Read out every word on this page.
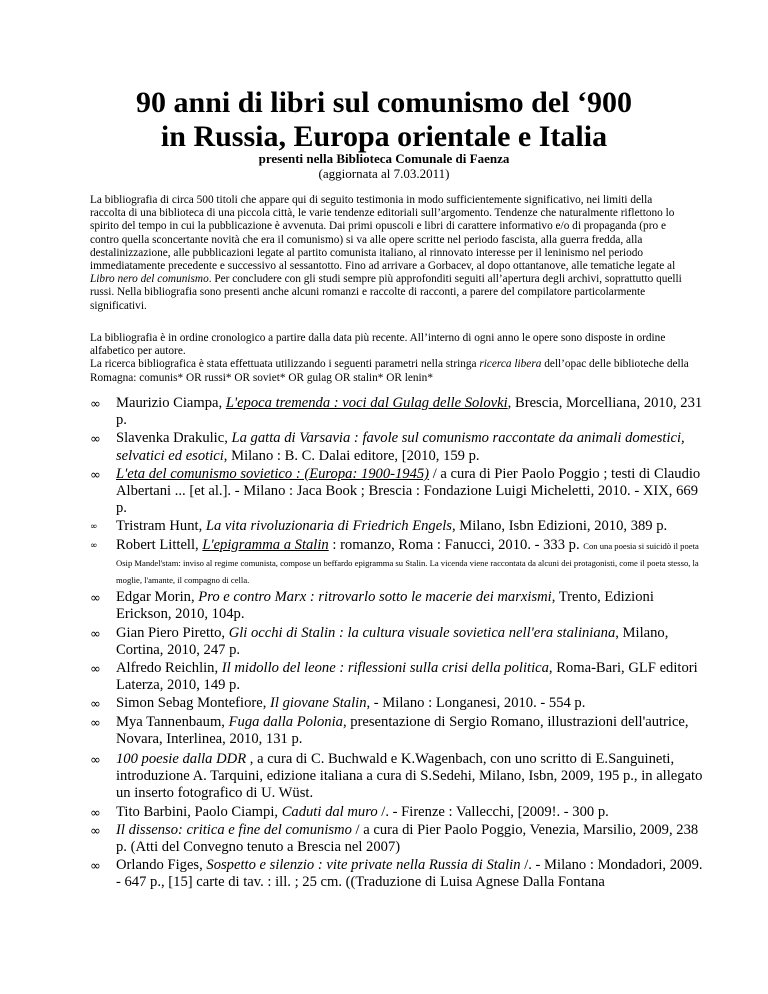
90 anni di libri sul comunismo del ‘900
in Russia, Europa orientale e Italia
presenti nella Biblioteca Comunale di Faenza
(aggiornata al 7.03.2011)

La bibliografia di circa 500 titoli che appare qui di seguito testimonia in modo sufficientemente significativo, nei limiti della raccolta di una biblioteca di una piccola città, le varie tendenze editoriali sull’argomento. Tendenze che naturalmente riflettono lo spirito del tempo in cui la pubblicazione è avvenuta. Dai primi opuscoli e libri di carattere informativo e/o di propaganda (pro e contro quella sconcertante novità che era il comunismo) si va alle opere scritte nel periodo fascista, alla guerra fredda, alla destalinizzazione, alle pubblicazioni legate al partito comunista italiano, al rinnovato interesse per il leninismo nel periodo immediatamente precedente e successivo al sessantotto. Fino ad arrivare a Gorbacev, al dopo ottantanove, alle tematiche legate al Libro nero del comunismo. Per concludere con gli studi sempre più approfonditi seguiti all’apertura degli archivi, soprattutto quelli russi. Nella bibliografia sono presenti anche alcuni romanzi e raccolte di racconti, a parere del compilatore particolarmente significativi.

La bibliografia è in ordine cronologico a partire dalla data più recente. All’interno di ogni anno le opere sono disposte in ordine alfabetico per autore.

La ricerca bibliografica è stata effettuata utilizzando i seguenti parametri nella stringa ricerca libera dell’opac delle biblioteche della Romagna: comunis* OR russi* OR soviet* OR gulag OR stalin* OR lenin*

∞ Maurizio Ciampa, L'epoca tremenda : voci dal Gulag delle Solovki, Brescia, Morcelliana, 2010, 231 p.
∞ Slavenka Drakulic, La gatta di Varsavia : favole sul comunismo raccontate da animali domestici, selvatici ed esotici, Milano : B. C. Dalai editore, [2010, 159 p.
∞ L'eta del comunismo sovietico : (Europa: 1900-1945) / a cura di Pier Paolo Poggio ; testi di Claudio Albertani ... [et al.]. - Milano : Jaca Book ; Brescia : Fondazione Luigi Micheletti, 2010. - XIX, 669 p.
∞ Tristram Hunt, La vita rivoluzionaria di Friedrich Engels, Milano, Isbn Edizioni, 2010, 389 p.
∞ Robert Littell, L'epigramma a Stalin : romanzo, Roma : Fanucci, 2010. - 333 p. Con una poesia si suicidò il poeta Osip Mandel'stam: inviso al regime comunista, compose un beffardo epigramma su Stalin. La vicenda viene raccontata da alcuni dei protagonisti, come il poeta stesso, la moglie, l'amante, il compagno di cella.
∞ Edgar Morin, Pro e contro Marx : ritrovarlo sotto le macerie dei marxismi, Trento, Edizioni Erickson, 2010, 104p.
∞ Gian Piero Piretto, Gli occhi di Stalin : la cultura visuale sovietica nell'era staliniana, Milano, Cortina, 2010, 247 p.
∞ Alfredo Reichlin, Il midollo del leone : riflessioni sulla crisi della politica, Roma-Bari, GLF editori Laterza, 2010, 149 p.
∞ Simon Sebag Montefiore, Il giovane Stalin, - Milano : Longanesi, 2010. - 554 p.
∞ Mya Tannenbaum, Fuga dalla Polonia, presentazione di Sergio Romano, illustrazioni dell'autrice, Novara, Interlinea, 2010, 131 p.
∞ 100 poesie dalla DDR , a cura di C. Buchwald e K.Wagenbach, con uno scritto di E.Sanguineti, introduzione A. Tarquini, edizione italiana a cura di S.Sedehi, Milano, Isbn, 2009, 195 p., in allegato un inserto fotografico di U. Wüst.
∞ Tito Barbini, Paolo Ciampi, Caduti dal muro /. - Firenze : Vallecchi, [2009!. - 300 p.
∞ Il dissenso: critica e fine del comunismo / a cura di Pier Paolo Poggio, Venezia, Marsilio, 2009, 238 p. (Atti del Convegno tenuto a Brescia nel 2007)
∞ Orlando Figes, Sospetto e silenzio : vite private nella Russia di Stalin /. - Milano : Mondadori, 2009. - 647 p., [15] carte di tav. : ill. ; 25 cm. ((Traduzione di Luisa Agnese Dalla Fontana
